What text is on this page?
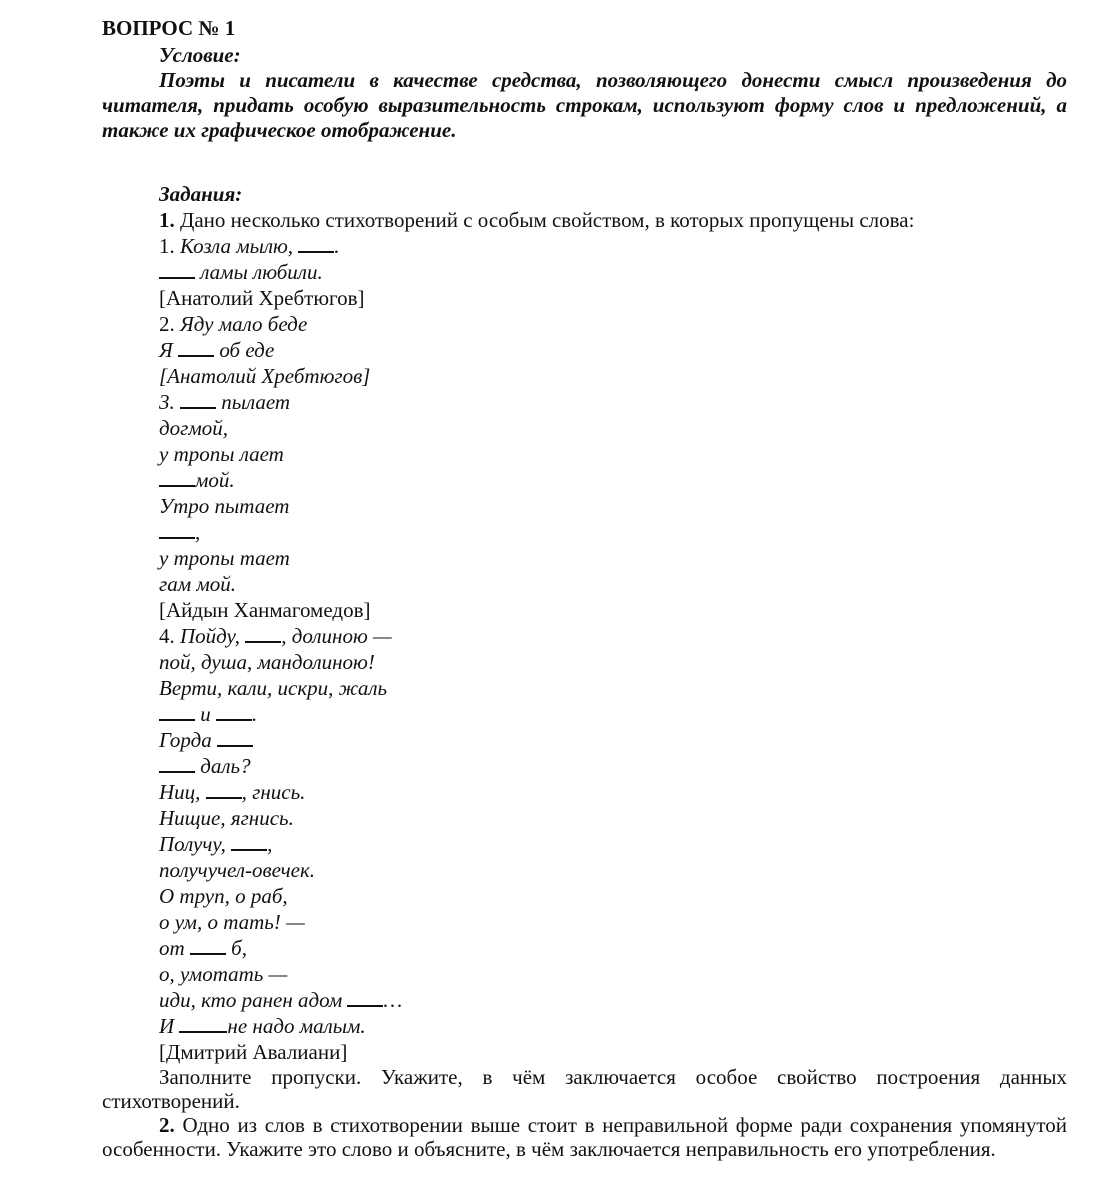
ВОПРОС № 1
Условие:

Поэты и писатели в качестве средства, позволяющего донести смысл произведения до читателя, придать особую выразительность строкам, используют форму слов и предложений, а также их графическое отображение.

Задания:
1. Дано несколько стихотворений с особым свойством, в которых пропущены слова:
1. Козла мылю, .
ламы любили.
[Анатолий Хребтюгов]
2. Яду мало беде
Я  об еде
[Анатолий Хребтюгов]
3.  пылает
догмой,
у тропы лает
мой.
Утро пытает
,
у тропы тает
гам мой.
[Айдын Ханмагомедов]
4. Пойду, , долиною —
пой, душа, мандолиною!
Верти, кали, искри, жаль
и .
Горда
даль?
Ниц, , гнись.
Нищие, ягнись.
Получу, ,
получучел-овечек.
О труп, о раб,
о ум, о тать! —
от  б,
о, умотать —
иди, кто ранен адом …
И не надо малым.
[Дмитрий Авалиани]

Заполните пропуски. Укажите, в чём заключается особое свойство построения данных стихотворений.

2. Одно из слов в стихотворении выше стоит в неправильной форме ради сохранения упомянутой особенности. Укажите это слово и объясните, в чём заключается неправильность его употребления.
